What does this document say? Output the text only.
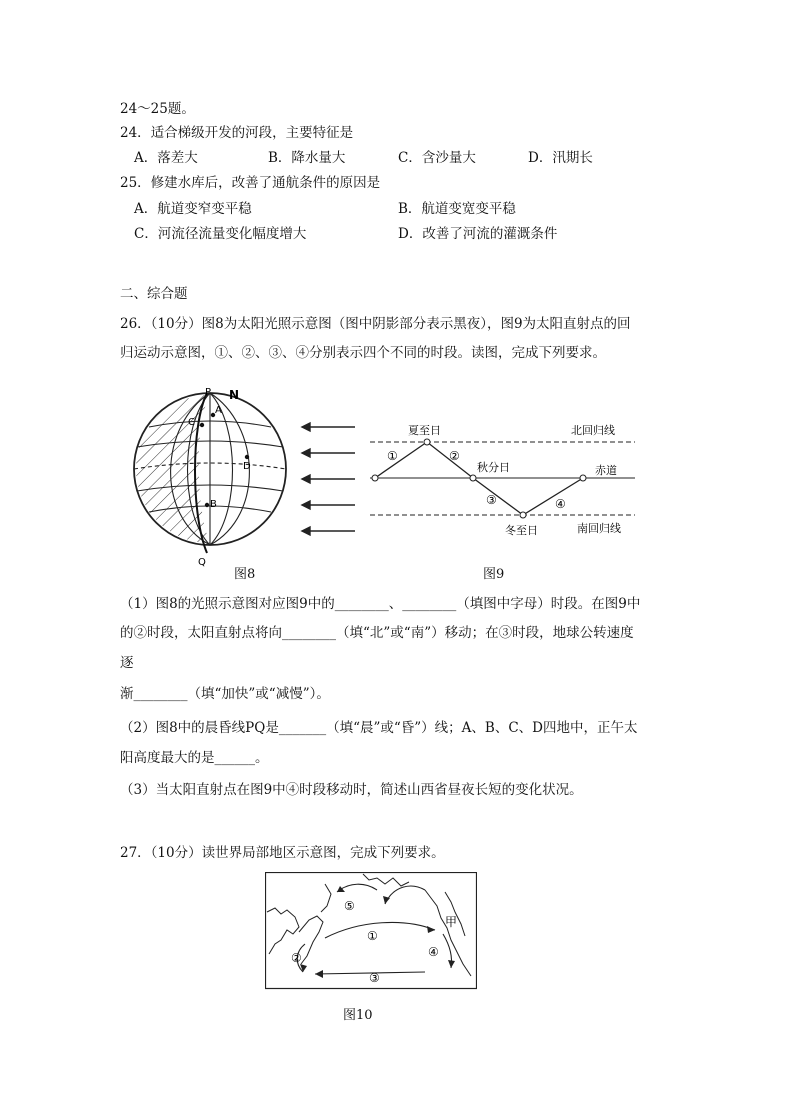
24～25题。
24．适合梯级开发的河段，主要特征是
A．落差大	B．降水量大	C．含沙量大	D．汛期长
25．修建水库后，改善了通航条件的原因是
A．航道变窄变平稳	B．航道变宽变平稳
C．河流径流量变化幅度增大	D．改善了河流的灌溉条件
二、综合题
26．（10分）图8为太阳光照示意图（图中阴影部分表示黑夜），图9为太阳直射点的回
归运动示意图，①、②、③、④分别表示四个不同的时段。读图，完成下列要求。
P N
A
C
D
B
Q
图8
夏至日	北回归线
秋分日	赤道
冬至日	南回归线
①	②
③	④
图9
（1）图8的光照示意图对应图9中的________、________（填图中字母）时段。在图9中
的②时段，太阳直射点将向________（填“北”或“南”）移动；在③时段，地球公转速度
逐
渐________（填“加快”或“减慢”）。
（2）图8中的晨昏线PQ是_______（填“晨”或“昏”）线；A、B、C、D四地中，正午太
阳高度最大的是______。
（3）当太阳直射点在图9中④时段移动时，简述山西省昼夜长短的变化状况。
27．（10分）读世界局部地区示意图，完成下列要求。
①
②
③
④
⑤
甲
图10
